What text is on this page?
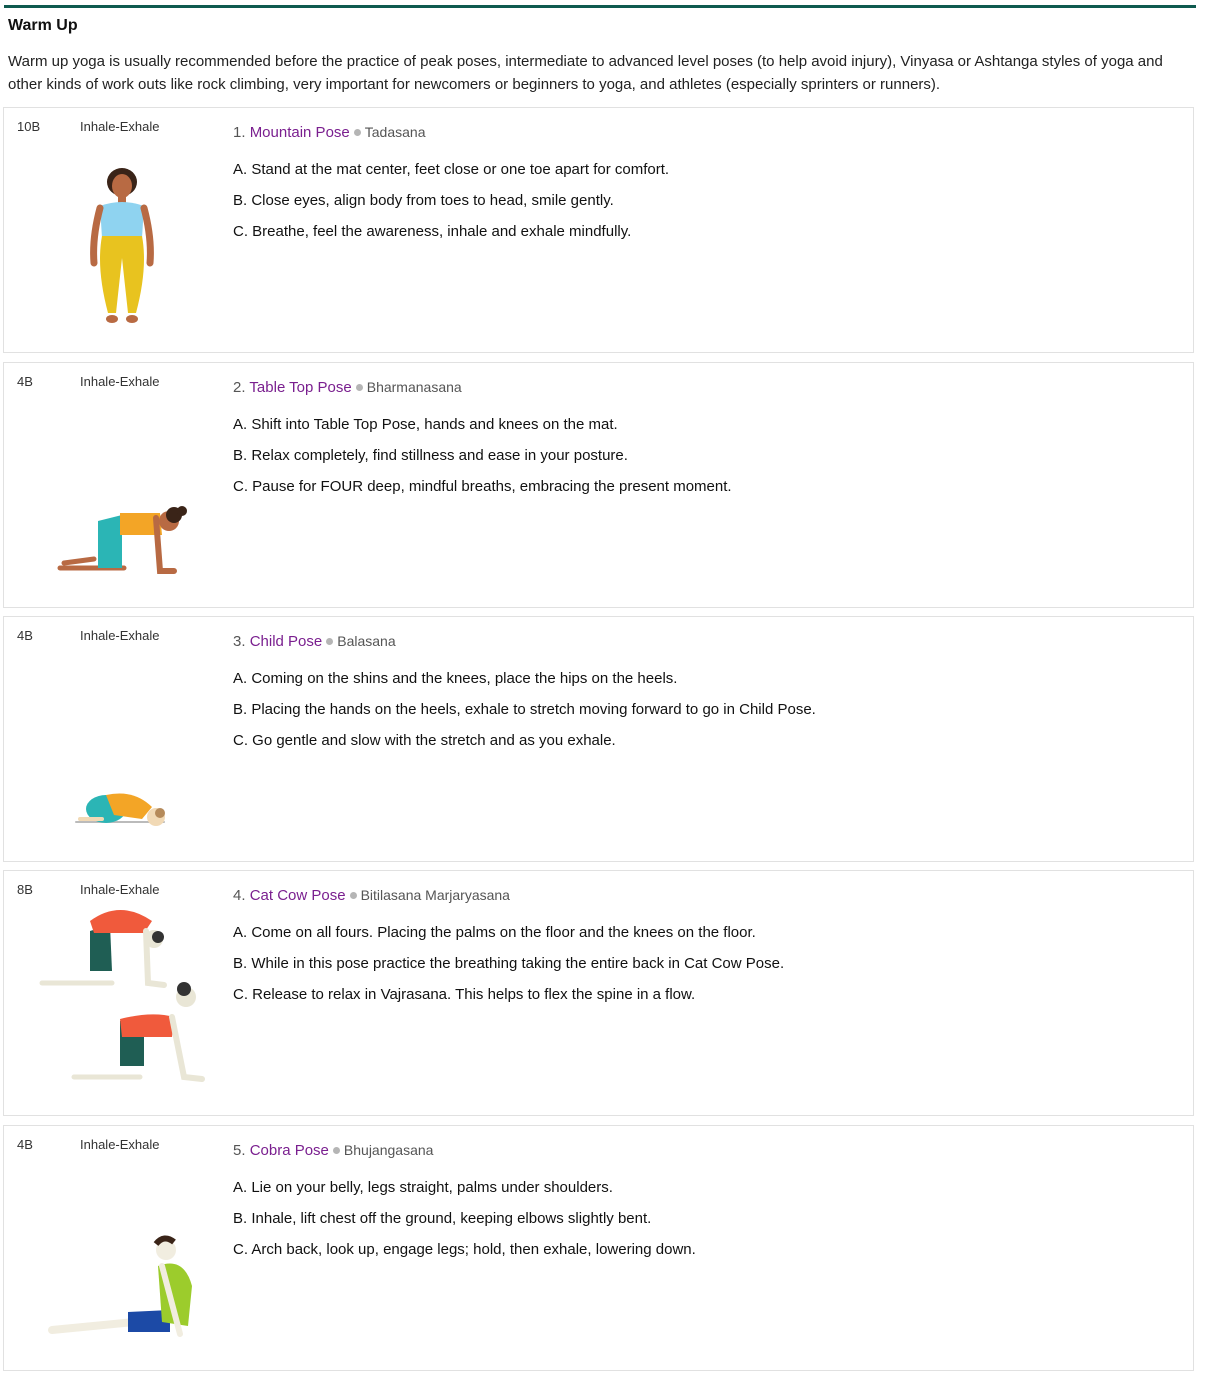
Warm Up
Warm up yoga is usually recommended before the practice of peak poses, intermediate to advanced level poses (to help avoid injury), Vinyasa or Ashtanga styles of yoga and other kinds of work outs like rock climbing, very important for newcomers or beginners to yoga, and athletes (especially sprinters or runners).
10B	Inhale-Exhale	1. Mountain Pose Tadasana
A. Stand at the mat center, feet close or one toe apart for comfort.
B. Close eyes, align body from toes to head, smile gently.
C. Breathe, feel the awareness, inhale and exhale mindfully.
4B	Inhale-Exhale	2. Table Top Pose Bharmanasana
A. Shift into Table Top Pose, hands and knees on the mat.
B. Relax completely, find stillness and ease in your posture.
C. Pause for FOUR deep, mindful breaths, embracing the present moment.
4B	Inhale-Exhale	3. Child Pose Balasana
A. Coming on the shins and the knees, place the hips on the heels.
B. Placing the hands on the heels, exhale to stretch moving forward to go in Child Pose.
C. Go gentle and slow with the stretch and as you exhale.
8B	Inhale-Exhale	4. Cat Cow Pose Bitilasana Marjaryasana
A. Come on all fours. Placing the palms on the floor and the knees on the floor.
B. While in this pose practice the breathing taking the entire back in Cat Cow Pose.
C. Release to relax in Vajrasana. This helps to flex the spine in a flow.
4B	Inhale-Exhale	5. Cobra Pose Bhujangasana
A. Lie on your belly, legs straight, palms under shoulders.
B. Inhale, lift chest off the ground, keeping elbows slightly bent.
C. Arch back, look up, engage legs; hold, then exhale, lowering down.
